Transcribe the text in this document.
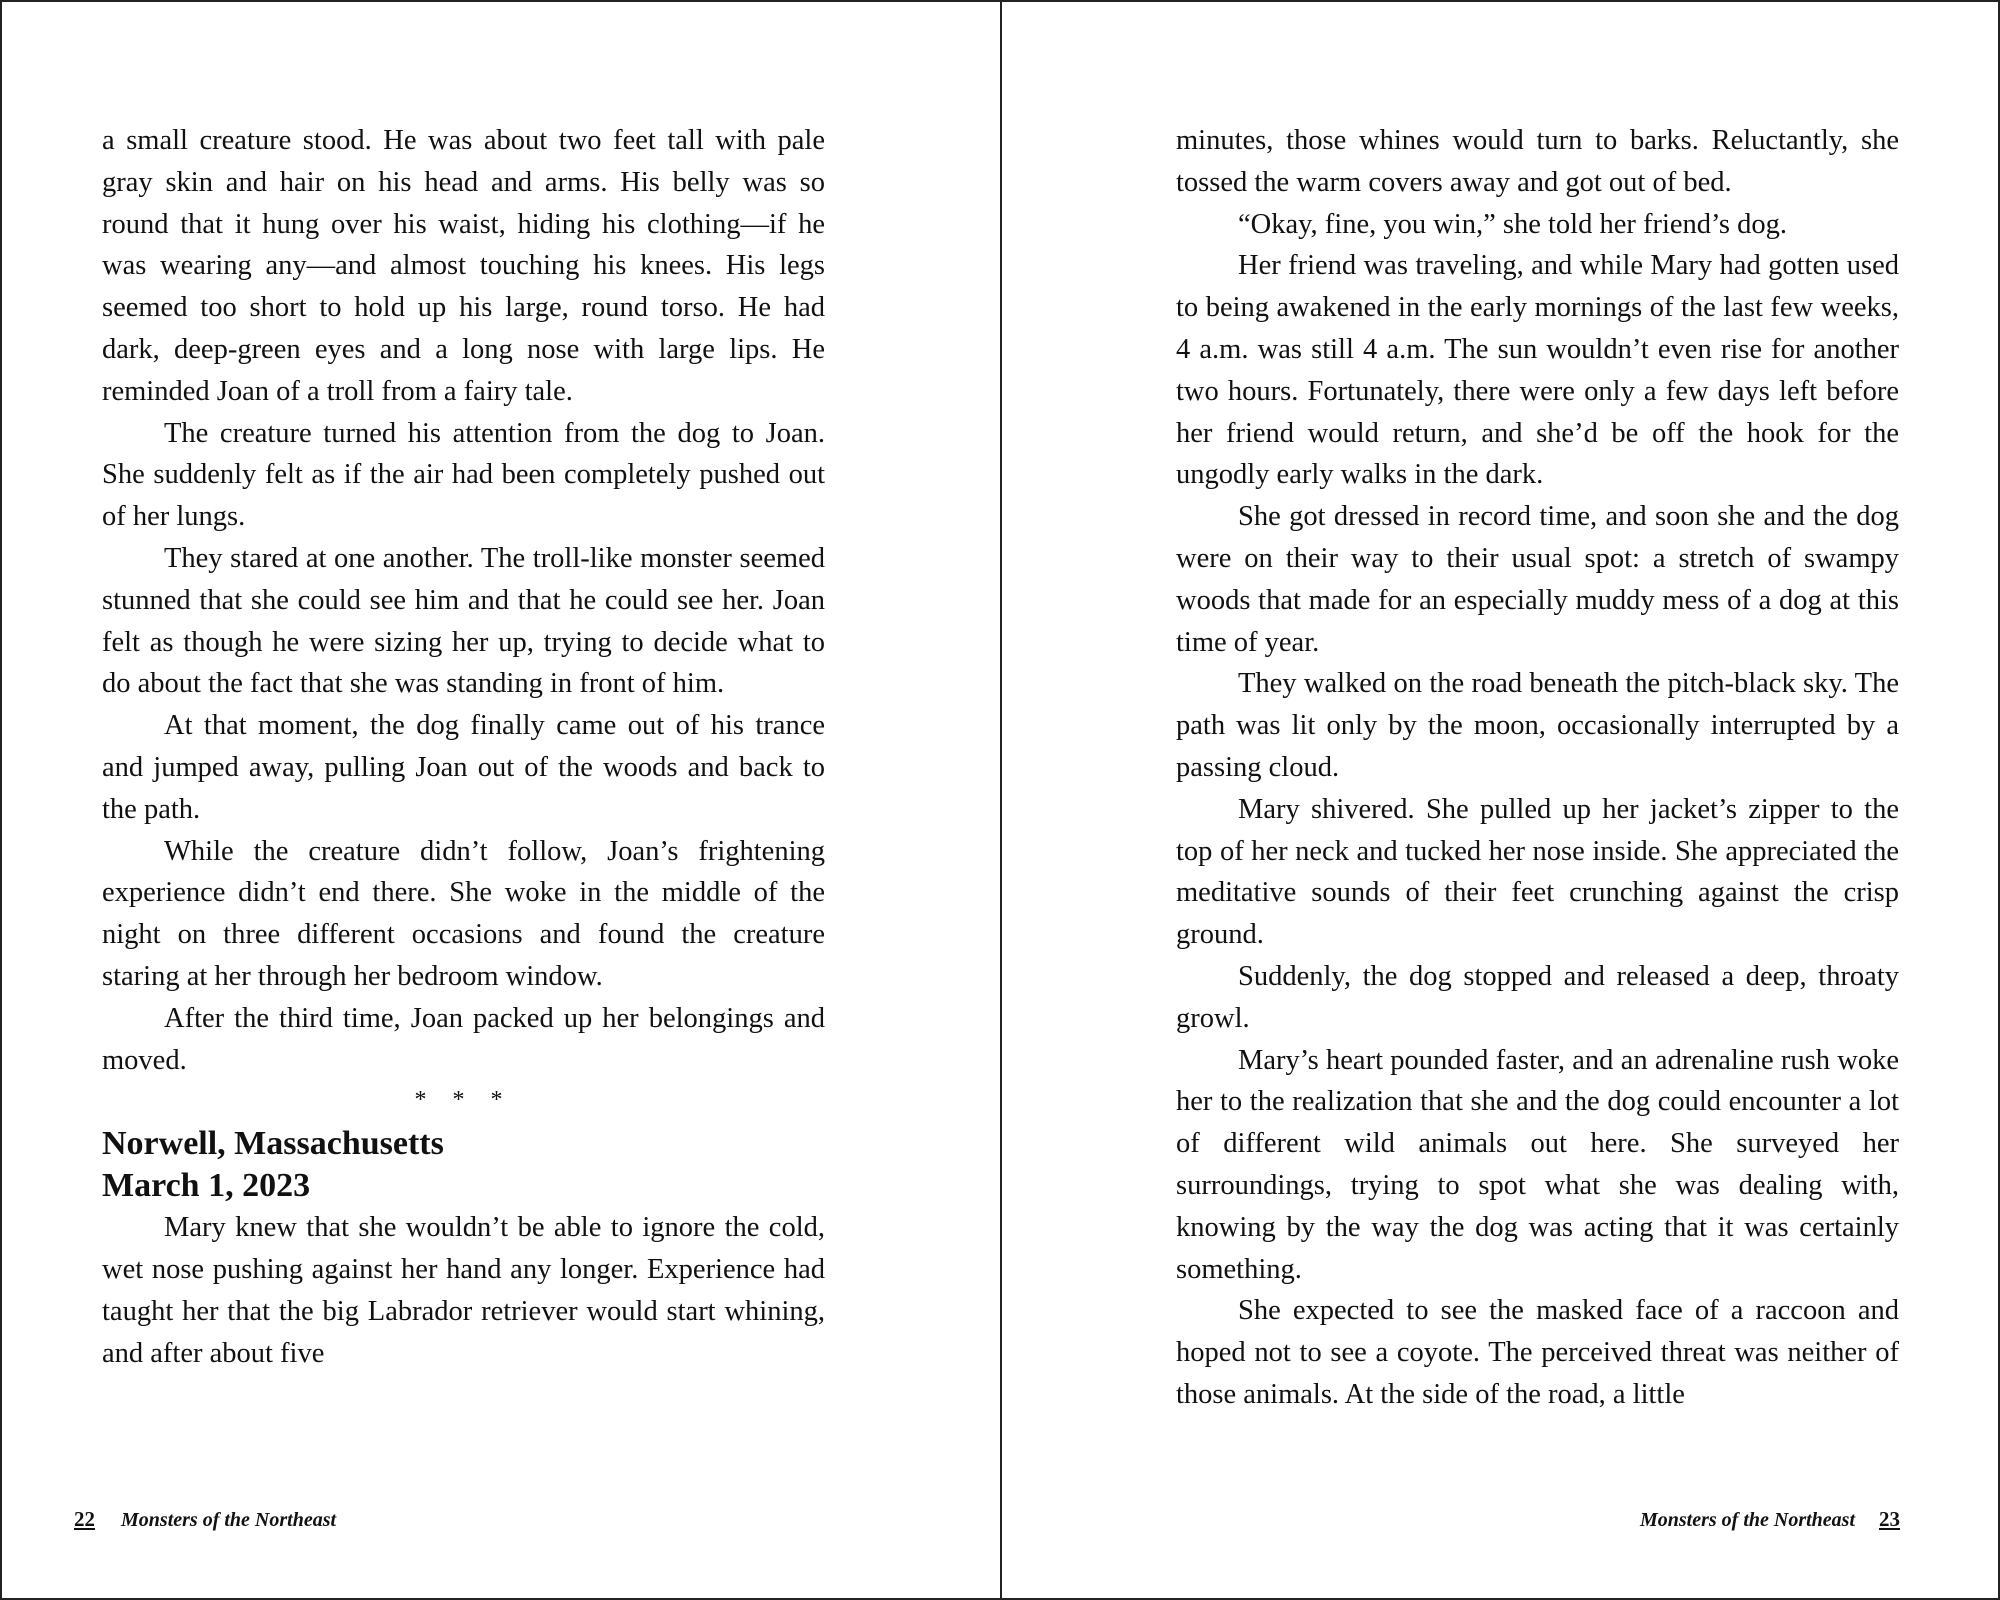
a small creature stood. He was about two feet tall with pale gray skin and hair on his head and arms. His belly was so round that it hung over his waist, hiding his clothing—if he was wearing any—and almost touching his knees. His legs seemed too short to hold up his large, round torso. He had dark, deep-green eyes and a long nose with large lips. He reminded Joan of a troll from a fairy tale.

The creature turned his attention from the dog to Joan. She suddenly felt as if the air had been completely pushed out of her lungs.

They stared at one another. The troll-like monster seemed stunned that she could see him and that he could see her. Joan felt as though he were sizing her up, trying to decide what to do about the fact that she was standing in front of him.

At that moment, the dog finally came out of his trance and jumped away, pulling Joan out of the woods and back to the path.

While the creature didn’t follow, Joan’s frightening experience didn’t end there. She woke in the middle of the night on three different occasions and found the creature staring at her through her bedroom window.

After the third time, Joan packed up her belongings and moved.

* * *

Norwell, Massachusetts

March 1, 2023

Mary knew that she wouldn’t be able to ignore the cold, wet nose pushing against her hand any longer. Experience had taught her that the big Labrador retriever would start whining, and after about five

minutes, those whines would turn to barks. Reluctantly, she tossed the warm covers away and got out of bed.

“Okay, fine, you win,” she told her friend’s dog.

Her friend was traveling, and while Mary had gotten used to being awakened in the early mornings of the last few weeks, 4 a.m. was still 4 a.m. The sun wouldn’t even rise for another two hours. Fortunately, there were only a few days left before her friend would return, and she’d be off the hook for the ungodly early walks in the dark.

She got dressed in record time, and soon she and the dog were on their way to their usual spot: a stretch of swampy woods that made for an especially muddy mess of a dog at this time of year.

They walked on the road beneath the pitch-black sky. The path was lit only by the moon, occasionally interrupted by a passing cloud.

Mary shivered. She pulled up her jacket’s zipper to the top of her neck and tucked her nose inside. She appreciated the meditative sounds of their feet crunching against the crisp ground.

Suddenly, the dog stopped and released a deep, throaty growl.

Mary’s heart pounded faster, and an adrenaline rush woke her to the realization that she and the dog could encounter a lot of different wild animals out here. She surveyed her surroundings, trying to spot what she was dealing with, knowing by the way the dog was acting that it was certainly something.

She expected to see the masked face of a raccoon and hoped not to see a coyote. The perceived threat was neither of those animals. At the side of the road, a little

22 Monsters of the Northeast	Monsters of the Northeast 23
